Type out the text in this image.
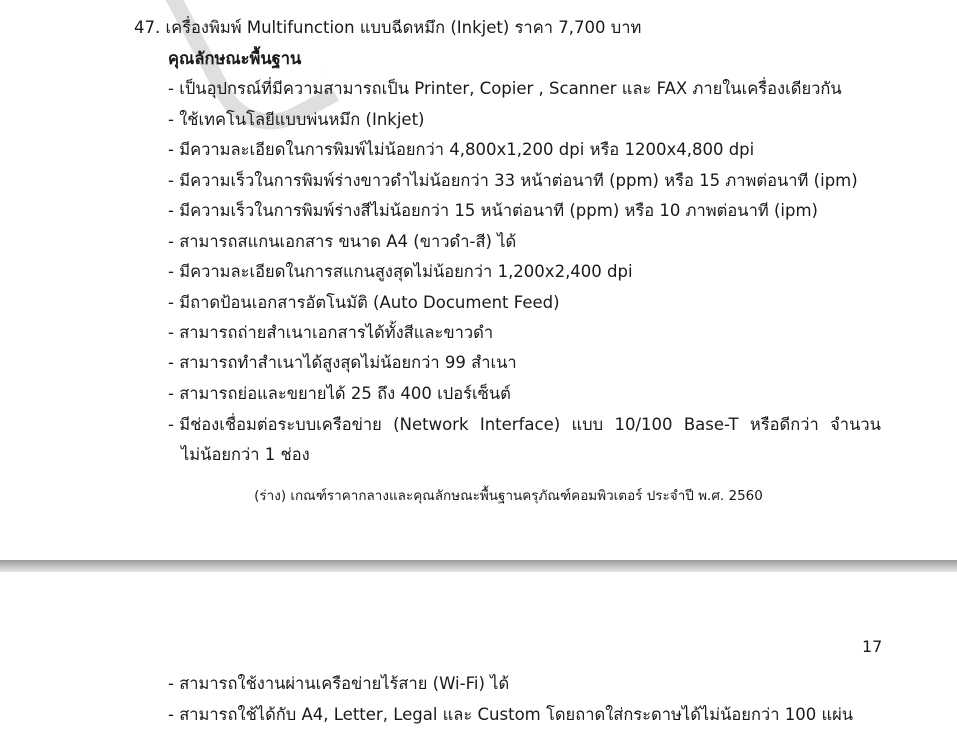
47. เครื่องพิมพ์ Multifunction แบบฉีดหมึก (Inkjet) ราคา 7,700 บาท
คุณลักษณะพื้นฐาน
- เป็นอุปกรณ์ที่มีความสามารถเป็น Printer, Copier , Scanner และ FAX ภายในเครื่องเดียวกัน
- ใช้เทคโนโลยีแบบพ่นหมึก (Inkjet)
- มีความละเอียดในการพิมพ์ไม่น้อยกว่า 4,800x1,200 dpi หรือ 1200x4,800 dpi
- มีความเร็วในการพิมพ์ร่างขาวดำไม่น้อยกว่า 33 หน้าต่อนาที (ppm) หรือ 15 ภาพต่อนาที (ipm)
- มีความเร็วในการพิมพ์ร่างสีไม่น้อยกว่า 15 หน้าต่อนาที (ppm) หรือ 10 ภาพต่อนาที (ipm)
- สามารถสแกนเอกสาร ขนาด A4 (ขาวดำ-สี) ได้
- มีความละเอียดในการสแกนสูงสุดไม่น้อยกว่า 1,200x2,400 dpi
- มีถาดป้อนเอกสารอัตโนมัติ (Auto Document Feed)
- สามารถถ่ายสำเนาเอกสารได้ทั้งสีและขาวดำ
- สามารถทำสำเนาได้สูงสุดไม่น้อยกว่า 99 สำเนา
- สามารถย่อและขยายได้ 25 ถึง 400 เปอร์เซ็นต์
- มีช่องเชื่อมต่อระบบเครือข่าย (Network Interface) แบบ 10/100 Base-T หรือดีกว่า จำนวน
ไม่น้อยกว่า 1 ช่อง
(ร่าง) เกณฑ์ราคากลางและคุณลักษณะพื้นฐานครุภัณฑ์คอมพิวเตอร์ ประจำปี พ.ศ. 2560
17
- สามารถใช้งานผ่านเครือข่ายไร้สาย (Wi-Fi) ได้
- สามารถใช้ได้กับ A4, Letter, Legal และ Custom โดยถาดใส่กระดาษได้ไม่น้อยกว่า 100 แผ่น
